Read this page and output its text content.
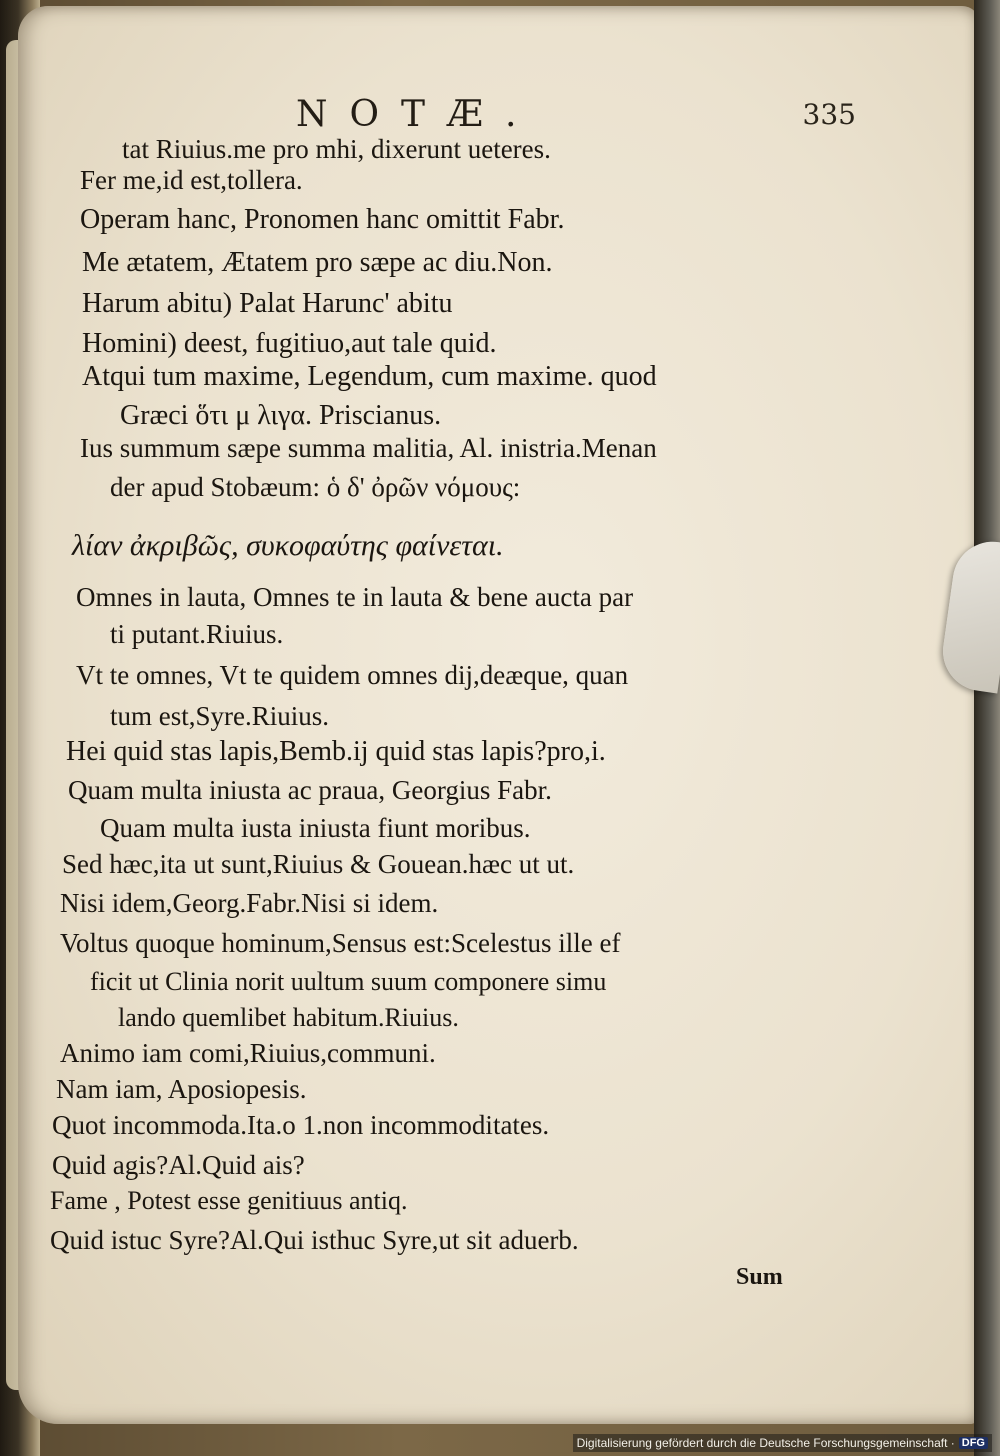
NOTÆ.	335
tat Riuius.me pro mhi, dixerunt ueteres.
Fer me,id est,tollera.
Operam hanc, Pronomen hanc omittit Fabr.
Me ætatem, Ætatem pro sæpe ac diu.Non.
Harum abitu) Palat Harunc' abitu
Homini) deest, fugitiuo,aut tale quid.
Atqui tum maxime, Legendum, cum maxime. quod
Græci ὅτι μ λιγα. Priscianus.
Ius summum sæpe summa malitia, Al. inistria.Menan
der apud Stobæum: ὁ δ' ὀρῶν νόμους:
λίαν ἀκριβῶς, συκοφαύτης φαίνεται.
Omnes in lauta, Omnes te in lauta & bene aucta par
ti putant.Riuius.
Vt te omnes, Vt te quidem omnes dij,deæque, quan
tum est,Syre.Riuius.
Hei quid stas lapis,Bemb.ij quid stas lapis?pro,i.
Quam multa iniusta ac praua, Georgius Fabr.
Quam multa iusta iniusta fiunt moribus.
Sed hæc,ita ut sunt,Riuius & Gouean.hæc ut ut.
Nisi idem,Georg.Fabr.Nisi si idem.
Voltus quoque hominum,Sensus est:Scelestus ille ef
ficit ut Clinia norit uultum suum componere simu
lando quemlibet habitum.Riuius.
Animo iam comi,Riuius,communi.
Nam iam, Aposiopesis.
Quot incommoda.Ita.o 1.non incommoditates.
Quid agis?Al.Quid ais?
Fame , Potest esse genitiuus antiq.
Quid istuc Syre?Al.Qui isthuc Syre,ut sit aduerb.
Sum
Digitalisierung gefördert durch die Deutsche Forschungsgemeinschaft · DFG
